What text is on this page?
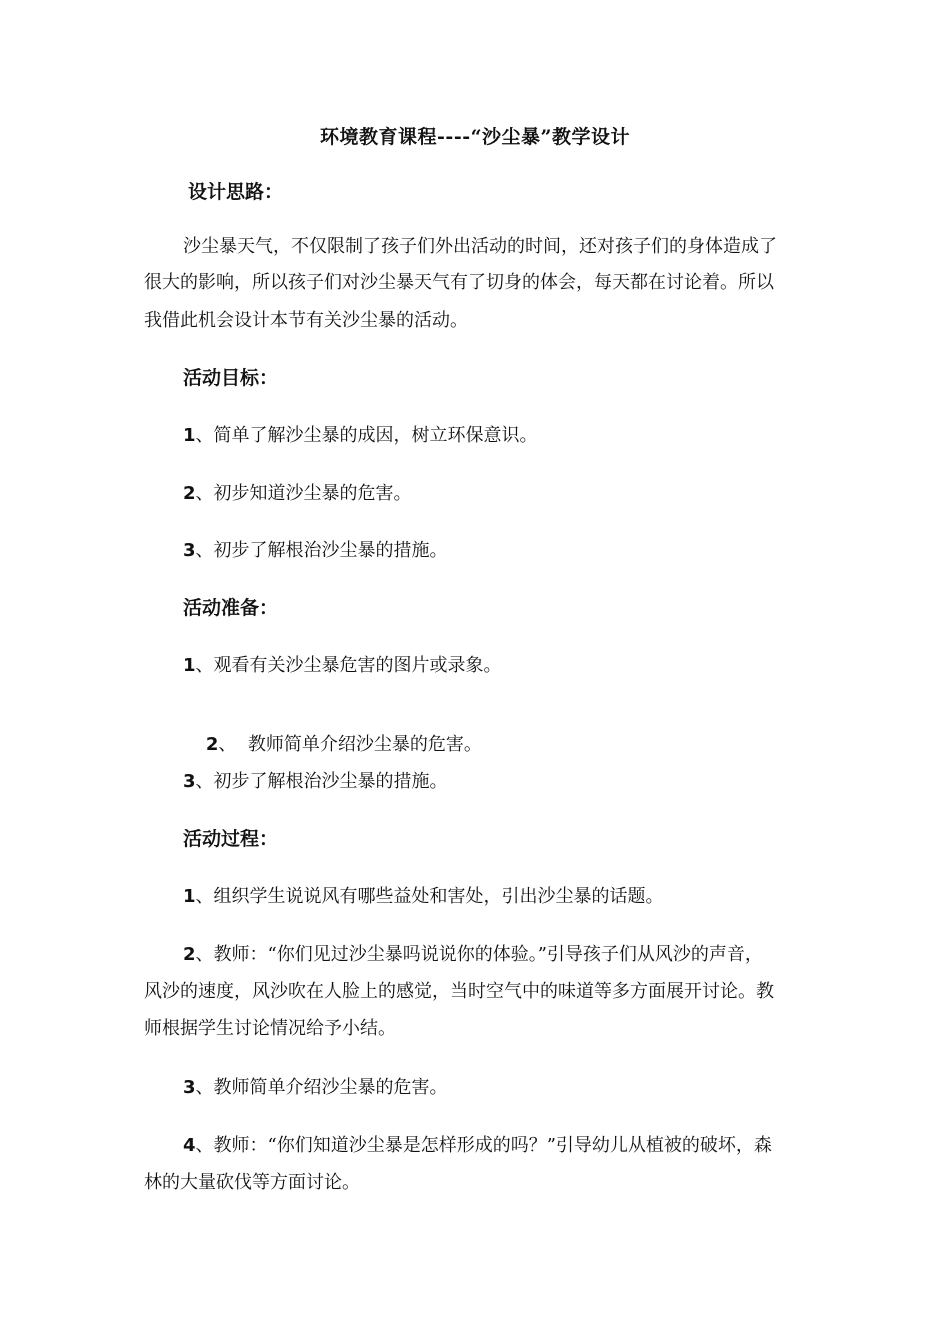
环境教育课程----“沙尘暴”教学设计
设计思路：
沙尘暴天气，不仅限制了孩子们外出活动的时间，还对孩子们的身体造成了
很大的影响，所以孩子们对沙尘暴天气有了切身的体会，每天都在讨论着。所以
我借此机会设计本节有关沙尘暴的活动。
活动目标：
1、简单了解沙尘暴的成因，树立环保意识。
2、初步知道沙尘暴的危害。
3、初步了解根治沙尘暴的措施。
活动准备：
1、观看有关沙尘暴危害的图片或录象。

2、  教师简单介绍沙尘暴的危害。

3、初步了解根治沙尘暴的措施。
活动过程：
1、组织学生说说风有哪些益处和害处，引出沙尘暴的话题。
2、教师：“你们见过沙尘暴吗说说你的体验。”引导孩子们从风沙的声音，
风沙的速度，风沙吹在人脸上的感觉，当时空气中的味道等多方面展开讨论。教
师根据学生讨论情况给予小结。
3、教师简单介绍沙尘暴的危害。
4、教师：“你们知道沙尘暴是怎样形成的吗？”引导幼儿从植被的破坏，森
林的大量砍伐等方面讨论。
